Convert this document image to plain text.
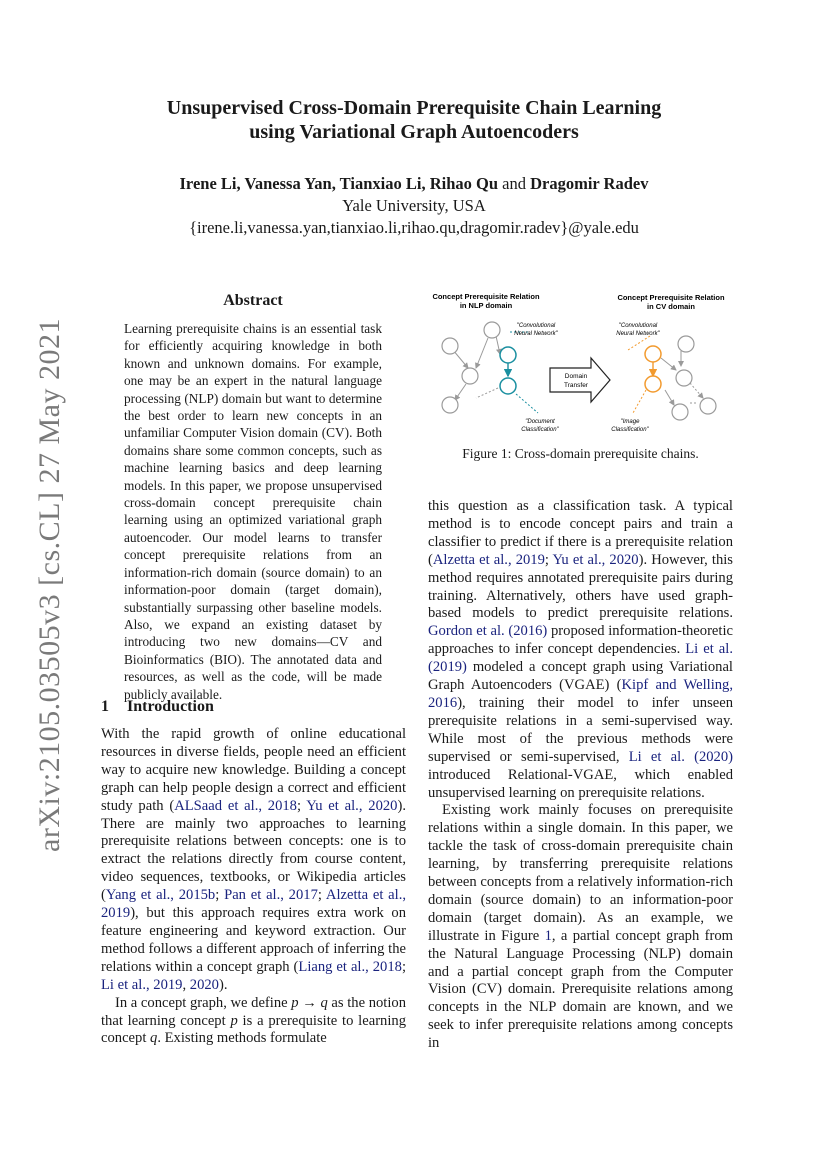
arXiv:2105.03505v3 [cs.CL] 27 May 2021
Unsupervised Cross-Domain Prerequisite Chain Learning
using Variational Graph Autoencoders
Irene Li, Vanessa Yan, Tianxiao Li, Rihao Qu and Dragomir Radev
Yale University, USA
{irene.li,vanessa.yan,tianxiao.li,rihao.qu,dragomir.radev}@yale.edu
Abstract
Learning prerequisite chains is an essential task for efficiently acquiring knowledge in both known and unknown domains. For example, one may be an expert in the natural language processing (NLP) domain but want to determine the best order to learn new concepts in an unfamiliar Computer Vision domain (CV). Both domains share some common concepts, such as machine learning basics and deep learning models. In this paper, we propose unsupervised cross-domain concept prerequisite chain learning using an optimized variational graph autoencoder. Our model learns to transfer concept prerequisite relations from an information-rich domain (source domain) to an information-poor domain (target domain), substantially surpassing other baseline models. Also, we expand an existing dataset by introducing two new domains—CV and Bioinformatics (BIO). The annotated data and resources, as well as the code, will be made publicly available.
1 Introduction

With the rapid growth of online educational resources in diverse fields, people need an efficient way to acquire new knowledge. Building a concept graph can help people design a correct and efficient study path (ALSaad et al., 2018; Yu et al., 2020). There are mainly two approaches to learning prerequisite relations between concepts: one is to extract the relations directly from course content, video sequences, textbooks, or Wikipedia articles (Yang et al., 2015b; Pan et al., 2017; Alzetta et al., 2019), but this approach requires extra work on feature engineering and keyword extraction. Our method follows a different approach of inferring the relations within a concept graph (Liang et al., 2018; Li et al., 2019, 2020).

In a concept graph, we define p → q as the notion that learning concept p is a prerequisite to learning concept q. Existing methods formulate

this question as a classification task. A typical method is to encode concept pairs and train a classifier to predict if there is a prerequisite relation (Alzetta et al., 2019; Yu et al., 2020). However, this method requires annotated prerequisite pairs during training. Alternatively, others have used graph-based models to predict prerequisite relations. Gordon et al. (2016) proposed information-theoretic approaches to infer concept dependencies. Li et al. (2019) modeled a concept graph using Variational Graph Autoencoders (VGAE) (Kipf and Welling, 2016), training their model to infer unseen prerequisite relations in a semi-supervised way. While most of the previous methods were supervised or semi-supervised, Li et al. (2020) introduced Relational-VGAE, which enabled unsupervised learning on prerequisite relations.

Existing work mainly focuses on prerequisite relations within a single domain. In this paper, we tackle the task of cross-domain prerequisite chain learning, by transferring prerequisite relations between concepts from a relatively information-rich domain (source domain) to an information-poor domain (target domain). As an example, we illustrate in Figure 1, a partial concept graph from the Natural Language Processing (NLP) domain and a partial concept graph from the Computer Vision (CV) domain. Prerequisite relations among concepts in the NLP domain are known, and we seek to infer prerequisite relations among concepts in

Concept Prerequisite Relation
in NLP domain
Concept Prerequisite Relation
in CV domain
"Convolutional
Neural Network"
"Document
Classification"
Domain
Transfer
"Convolutional
Neural Network"
"Image
Classification"
Figure 1: Cross-domain prerequisite chains.
